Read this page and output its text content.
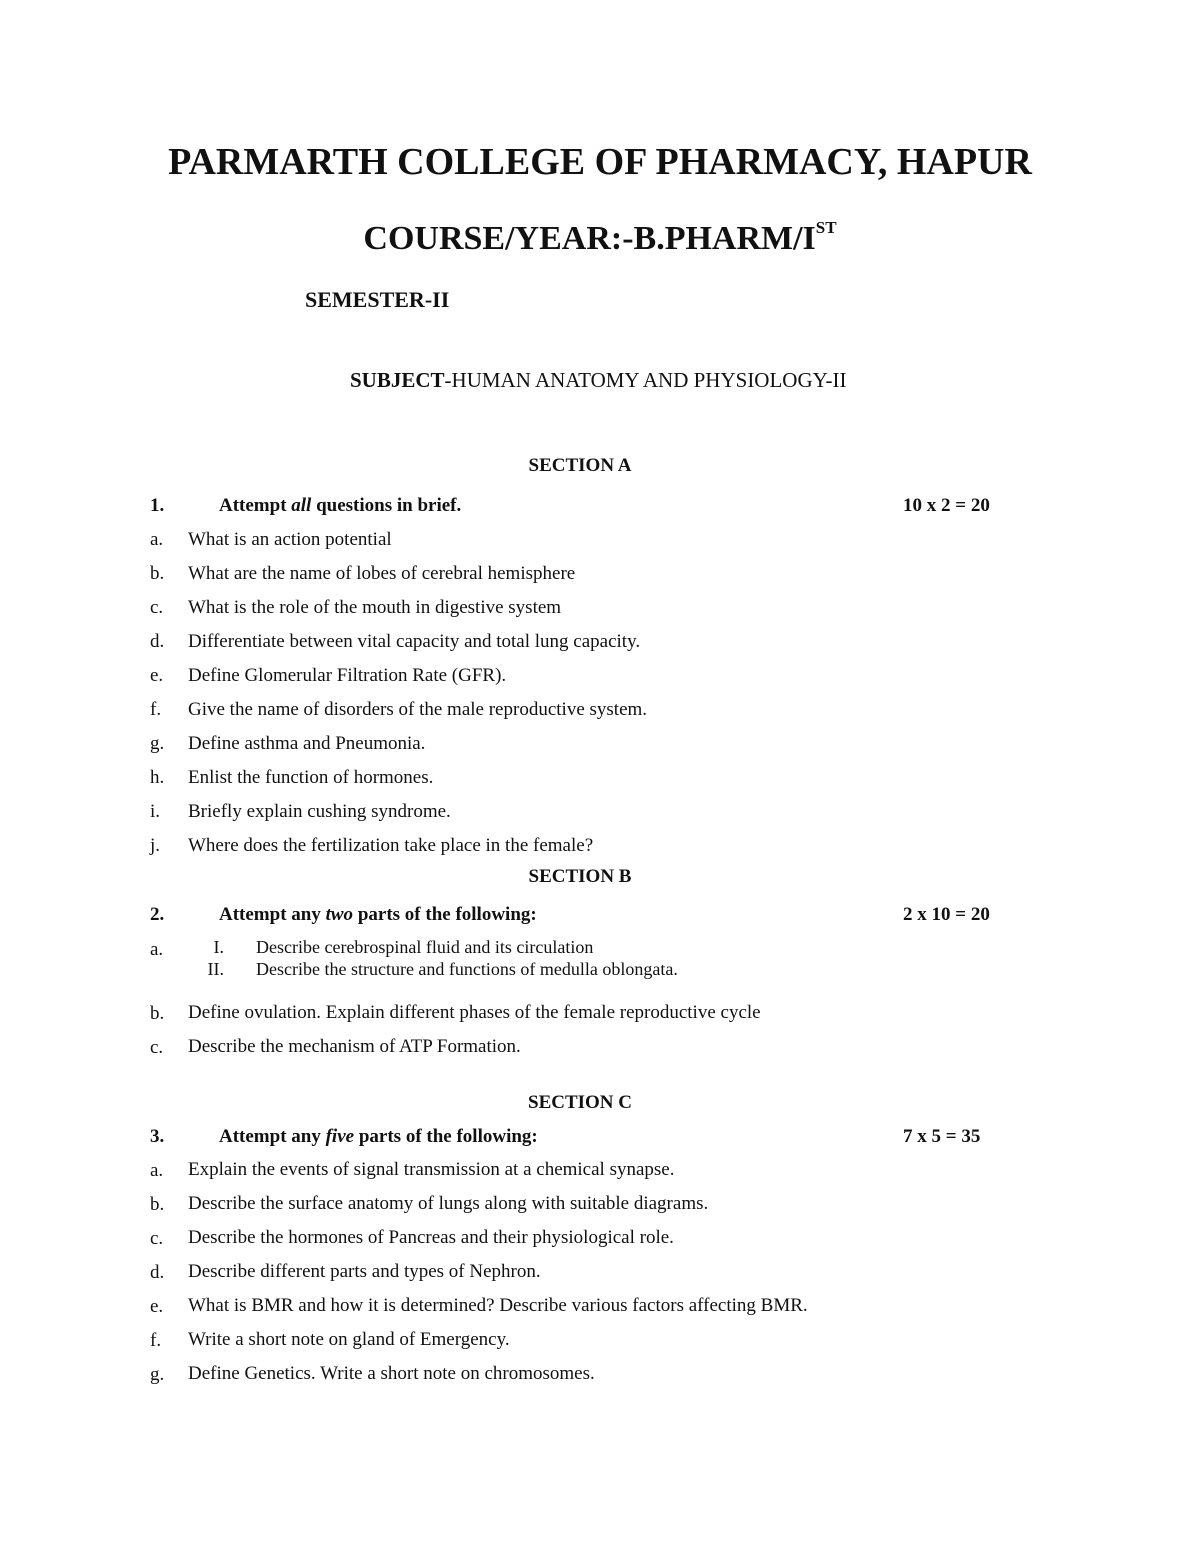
PARMARTH COLLEGE OF PHARMACY, HAPUR
COURSE/YEAR:-B.PHARM/IST
SEMESTER-II
SUBJECT-HUMAN ANATOMY AND PHYSIOLOGY-II
SECTION A
1.	Attempt all questions in brief.	10 x 2 = 20
a. What is an action potential
b. What are the name of lobes of cerebral hemisphere
c. What is the role of the mouth in digestive system
d. Differentiate between vital capacity and total lung capacity.
e. Define Glomerular Filtration Rate (GFR).
f. Give the name of disorders of the male reproductive system.
g. Define asthma and Pneumonia.
h. Enlist the function of hormones.
i. Briefly explain cushing syndrome.
j. Where does the fertilization take place in the female?
SECTION B
2.	Attempt any two parts of the following:	2 x 10 = 20
a.	I. Describe cerebrospinal fluid and its circulation
II. Describe the structure and functions of medulla oblongata.
b. Define ovulation. Explain different phases of the female reproductive cycle
c. Describe the mechanism of ATP Formation.
SECTION C
3.	Attempt any five parts of the following:	7 x 5 = 35
a. Explain the events of signal transmission at a chemical synapse.
b. Describe the surface anatomy of lungs along with suitable diagrams.
c. Describe the hormones of Pancreas and their physiological role.
d. Describe different parts and types of Nephron.
e. What is BMR and how it is determined? Describe various factors affecting BMR.
f. Write a short note on gland of Emergency.
g. Define Genetics. Write a short note on chromosomes.
